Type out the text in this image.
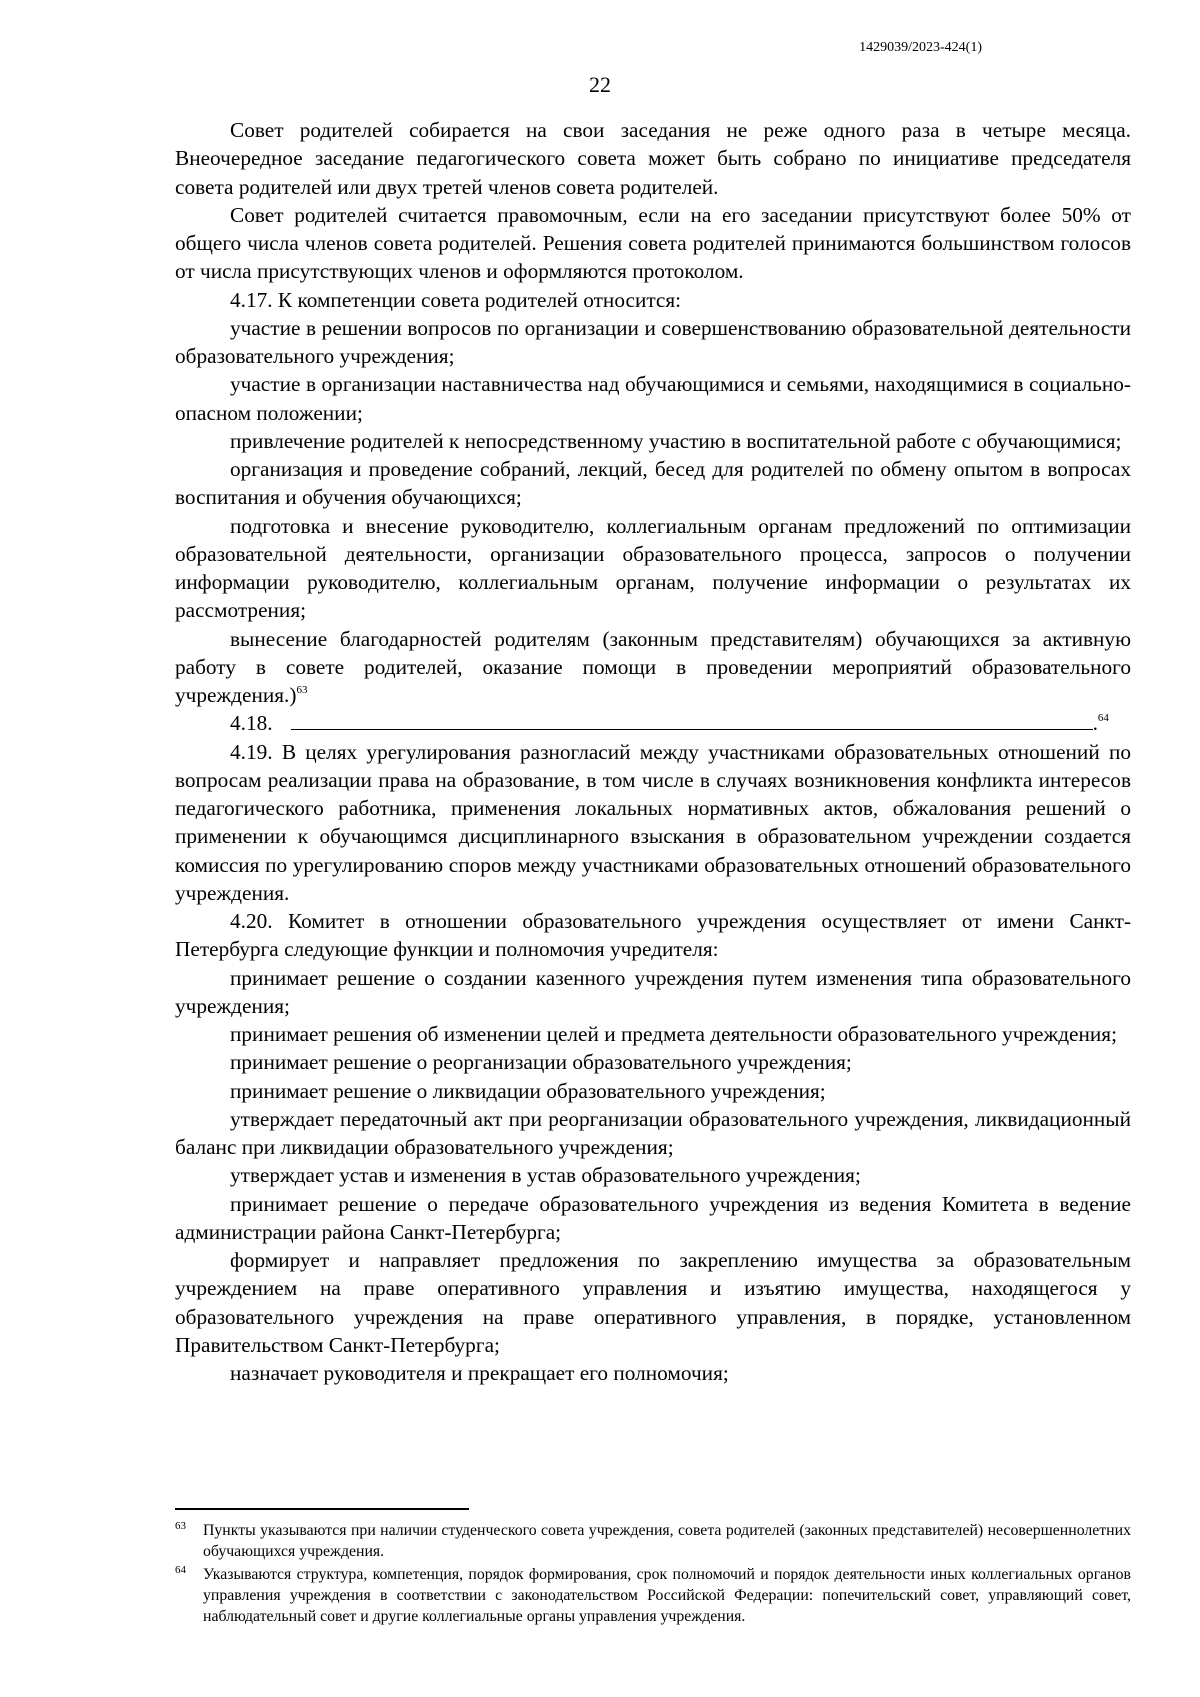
1429039/2023-424(1)
22

Совет родителей собирается на свои заседания не реже одного раза в четыре месяца. Внеочередное заседание педагогического совета может быть собрано по инициативе председателя совета родителей или двух третей членов совета родителей.

Совет родителей считается правомочным, если на его заседании присутствуют более 50% от общего числа членов совета родителей. Решения совета родителей принимаются большинством голосов от числа присутствующих членов и оформляются протоколом.

4.17. К компетенции совета родителей относится:

участие в решении вопросов по организации и совершенствованию образовательной деятельности образовательного учреждения;

участие в организации наставничества над обучающимися и семьями, находящимися в социально-опасном положении;

привлечение родителей к непосредственному участию в воспитательной работе с обучающимися;

организация и проведение собраний, лекций, бесед для родителей по обмену опытом в вопросах воспитания и обучения обучающихся;

подготовка и внесение руководителю, коллегиальным органам предложений по оптимизации образовательной деятельности, организации образовательного процесса, запросов о получении информации руководителю, коллегиальным органам, получение информации о результатах их рассмотрения;

вынесение благодарностей родителям (законным представителям) обучающихся за активную работу в совете родителей, оказание помощи в проведении мероприятий образовательного учреждения.)$^{63}$

4.18.	.$^{64}$

4.19. В целях урегулирования разногласий между участниками образовательных отношений по вопросам реализации права на образование, в том числе в случаях возникновения конфликта интересов педагогического работника, применения локальных нормативных актов, обжалования решений о применении к обучающимся дисциплинарного взыскания в образовательном учреждении создается комиссия по урегулированию споров между участниками образовательных отношений образовательного учреждения.

4.20. Комитет в отношении образовательного учреждения осуществляет от имени Санкт-Петербурга следующие функции и полномочия учредителя:

принимает решение о создании казенного учреждения путем изменения типа образовательного учреждения;

принимает решения об изменении целей и предмета деятельности образовательного учреждения;

принимает решение о реорганизации образовательного учреждения;

принимает решение о ликвидации образовательного учреждения;

утверждает передаточный акт при реорганизации образовательного учреждения, ликвидационный баланс при ликвидации образовательного учреждения;

утверждает устав и изменения в устав образовательного учреждения;

принимает решение о передаче образовательного учреждения из ведения Комитета в ведение администрации района Санкт-Петербурга;

формирует и направляет предложения по закреплению имущества за образовательным учреждением на праве оперативного управления и изъятию имущества, находящегося у образовательного учреждения на праве оперативного управления, в порядке, установленном Правительством Санкт-Петербурга;

назначает руководителя и прекращает его полномочия;

63 Пункты указываются при наличии студенческого совета учреждения, совета родителей (законных представителей) несовершеннолетних обучающихся учреждения.
64 Указываются структура, компетенция, порядок формирования, срок полномочий и порядок деятельности иных коллегиальных органов управления учреждения в соответствии с законодательством Российской Федерации: попечительский совет, управляющий совет, наблюдательный совет и другие коллегиальные органы управления учреждения.
